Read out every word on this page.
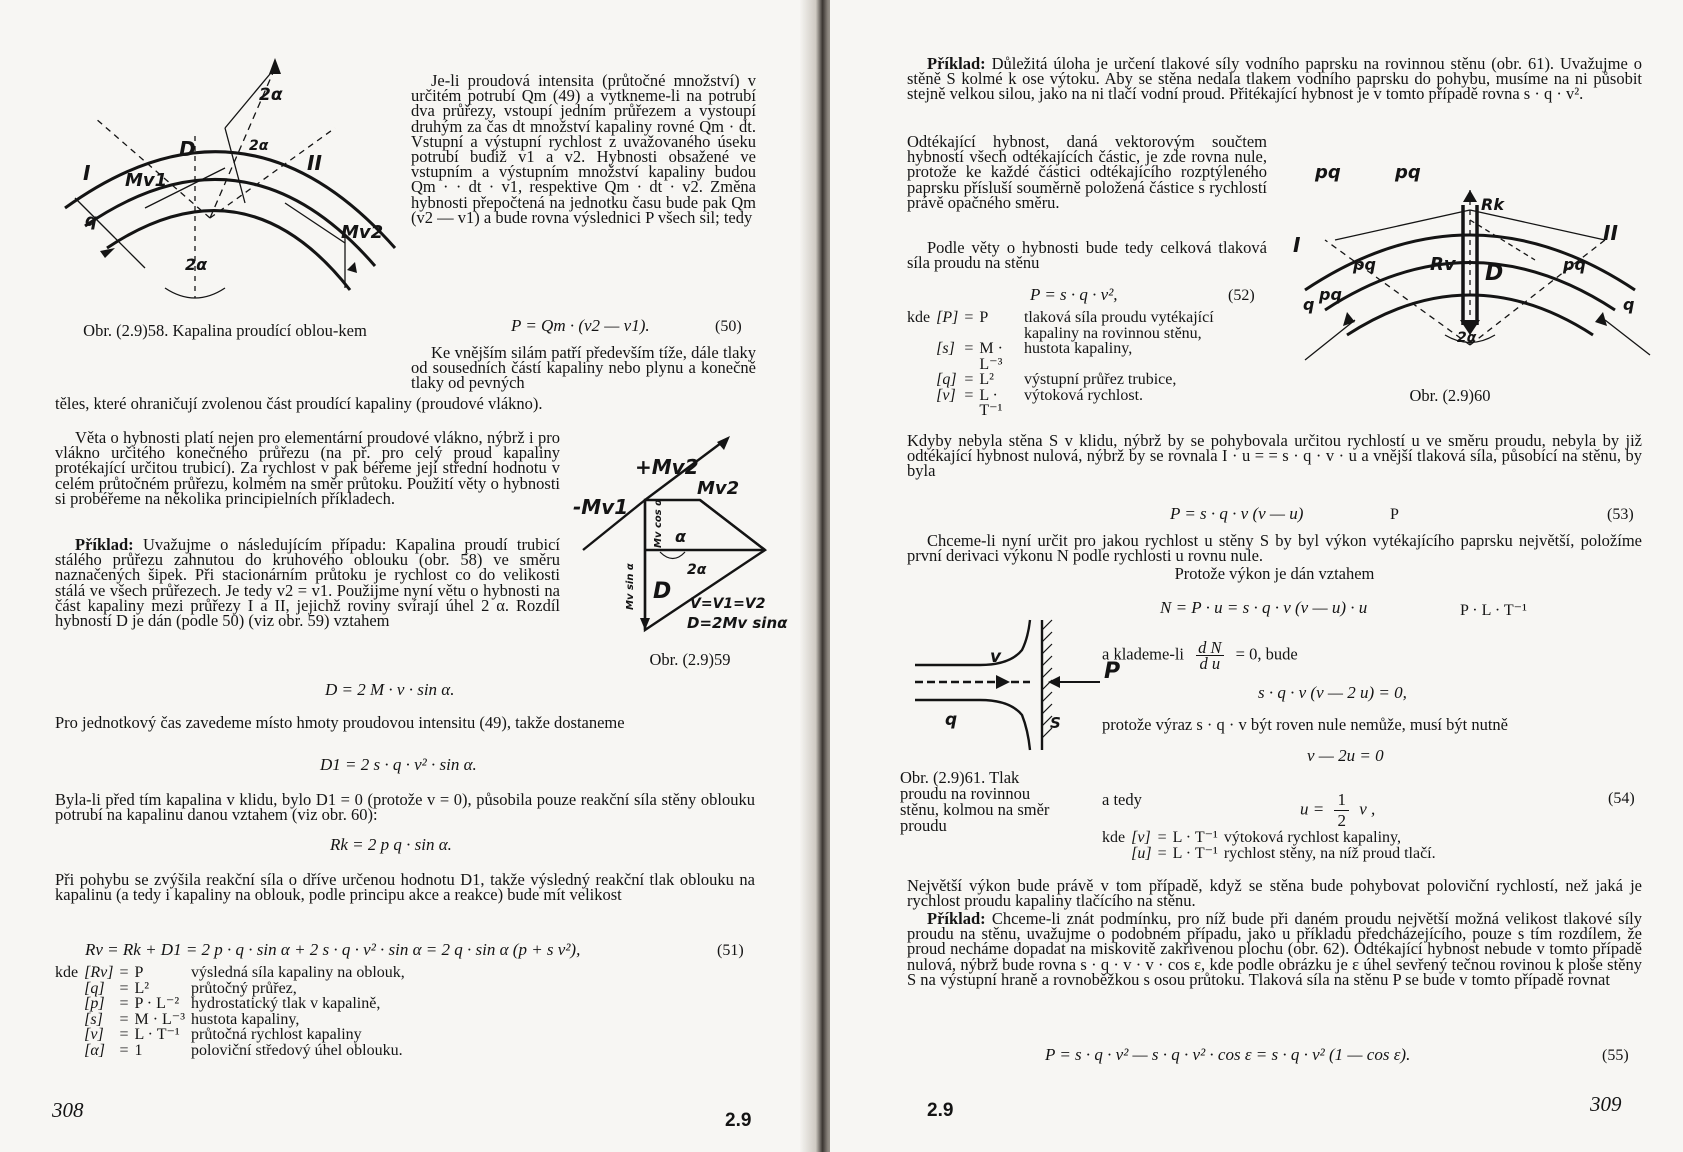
2α
2α
D
I	II
Mv1
Mv2
q
2α
Obr. (2.9)58. Kapalina proudící oblou-kem
Je-li proudová intensita (průtočné množství) v určitém potrubí Qm (49) a vytkneme-li na potrubí dva průřezy, vstoupí jedním průřezem a vystoupí druhým za čas dt množství kapaliny rovné Qm · dt. Vstupní a výstupní rychlost z uvažovaného úseku potrubí budiž v1 a v2. Hybnosti obsažené ve vstupním a výstupním množství kapaliny budou Qm · · dt · v1, respektive Qm · dt · v2. Změna hybnosti přepočtená na jednotku času bude pak Qm (v2 — v1) a bude rovna výslednici P všech sil; tedy
P = Qm · (v2 — v1).	(50)
Ke vnějším silám patří především tíže, dále tlaky od sousedních částí kapaliny nebo plynu a konečně tlaky od pevných
těles, které ohraničují zvolenou část proudící kapaliny (proudové vlákno).
Věta o hybnosti platí nejen pro elementární proudové vlákno, nýbrž i pro vlákno určitého konečného průřezu (na př. pro celý proud kapaliny protékající určitou trubicí). Za rychlost v pak béřeme její střední hodnotu v celém průtočném průřezu, kolmém na směr průtoku. Použití věty o hybnosti si probéřeme na několika principielních příkladech.
Příklad: Uvažujme o následujícím případu: Kapalina proudí trubicí stálého průřezu zahnutou do kruhového oblouku (obr. 58) ve směru naznačených šipek. Při stacionárním průtoku je rychlost co do velikosti stálá ve všech průřezech. Je tedy v2 = v1. Použijme nyní větu o hybnosti na část kapaliny mezi průřezy I a II, jejichž roviny svírají úhel 2 α. Rozdíl hybností D je dán (podle 50) (viz obr. 59) vztahem
+Mv2
-Mv1
Mv2
D
α
2α
Mv sin α
Mv cos α
V=V1=V2
D=2Mv sinα
Obr. (2.9)59
D = 2 M · v · sin α.
Pro jednotkový čas zavedeme místo hmoty proudovou intensitu (49), takže dostaneme
D1 = 2 s · q · v² · sin α.
Byla-li před tím kapalina v klidu, bylo D1 = 0 (protože v = 0), působila pouze reakční síla stěny oblouku potrubí na kapalinu danou vztahem (viz obr. 60):
Rk = 2 p q · sin α.
Při pohybu se zvýšila reakční síla o dříve určenou hodnotu D1, takže výsledný reakční tlak oblouku na kapalinu (a tedy i kapaliny na oblouk, podle principu akce a reakce) bude mít velikost
Rv = Rk + D1 = 2 p · q · sin α + 2 s · q · v² · sin α = 2 q · sin α (p + s v²),	(51)
kde	[Rv]	=	P	výsledná síla kapaliny na oblouk,
	[q]	=	L²	průtočný průřez,
	[p]	=	P · L⁻²	hydrostatický tlak v kapalině,
	[s]	=	M · L⁻³	hustota kapaliny,
	[v]	=	L · T⁻¹	průtočná rychlost kapaliny
	[α]	=	1	poloviční středový úhel oblouku.
308	2.9
Příklad: Důležitá úloha je určení tlakové síly vodního paprsku na rovinnou stěnu (obr. 61). Uvažujme o stěně S kolmé k ose výtoku. Aby se stěna nedala tlakem vodního paprsku do pohybu, musíme na ni působit stejně velkou silou, jako na ni tlačí vodní proud. Přitékající hybnost je v tomto případě rovna s · q · v².
Odtékající hybnost, daná vektorovým součtem hybností všech odtékajících částic, je zde rovna nule, protože ke každé částici odtékajícího rozptýleného paprsku přísluší souměrně položená částice s rychlostí právě opačného směru.
Podle věty o hybnosti bude tedy celková tlaková síla proudu na stěnu
P = s · q · v²,	(52)
kde	[P]	=	P	tlaková síla proudu vytékající kapaliny na rovinnou stěnu,
	[s]	=	M · L⁻³	hustota kapaliny,
	[q]	=	L²	výstupní průřez trubice,
	[v]	=	L · T⁻¹	výtoková rychlost.
pq	pq
Rk
I	II
pq	pq
Rv D
q
pq
q
2α
Obr. (2.9)60
Kdyby nebyla stěna S v klidu, nýbrž by se pohybovala určitou rychlostí u ve směru proudu, nebyla by již odtékající hybnost nulová, nýbrž by se rovnala I · u = = s · q · v · u a vnější tlaková síla, působící na stěnu, by byla
P = s · q · v (v — u)	P	(53)
Chceme-li nyní určit pro jakou rychlost u stěny S by byl výkon vytékajícího paprsku největší, položíme první derivaci výkonu N podle rychlosti u rovnu nule.
Protože výkon je dán vztahem
N = P · u = s · q · v (v — u) · u	P · L · T⁻¹
v
q
P
S
Obr. (2.9)61. Tlak proudu na rovinnou stěnu, kolmou na směr proudu
a klademe-li $\frac{\text{d N}}{\text{d u}} = 0$, bude
s · q · v (v — 2 u) = 0,
protože výraz s · q · v být roven nule nemůže, musí být nutně
v — 2u = 0
a tedy	$u = \frac{1}{2}$ v ,
(54)
kde	[v]	=	L · T⁻¹	výtoková rychlost kapaliny,
	[u]	=	L · T⁻¹	rychlost stěny, na níž proud tlačí.
Největší výkon bude právě v tom případě, když se stěna bude pohybovat poloviční rychlostí, než jaká je rychlost proudu kapaliny tlačícího na stěnu.
Příklad: Chceme-li znát podmínku, pro níž bude při daném proudu největší možná velikost tlakové síly proudu na stěnu, uvažujme o podobném případu, jako u příkladu předcházejícího, pouze s tím rozdílem, že proud necháme dopadat na miskovitě zakřivenou plochu (obr. 62). Odtékající hybnost nebude v tomto případě nulová, nýbrž bude rovna s · q · v · v · cos ε, kde podle obrázku je ε úhel sevřený tečnou rovinou k ploše stěny S na výstupní hraně a rovnoběžkou s osou průtoku. Tlaková síla na stěnu P se bude v tomto případě rovnat
P = s · q · v² — s · q · v² · cos ε = s · q · v² (1 — cos ε).	(55)
2.9	309
